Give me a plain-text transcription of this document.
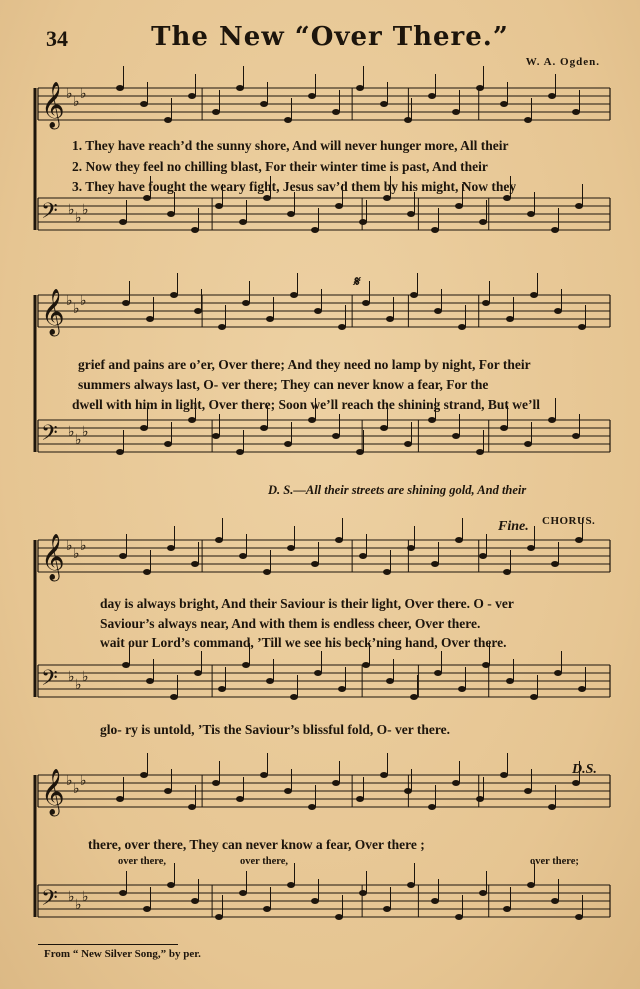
34	The New “Over There.”
W. A. Ogden.
𝄞 ♭
♭
♭
𝄢 ♭
♭
♭
𝄞 ♭
♭
♭
𝄢 ♭
♭
♭
𝄞 ♭
♭
♭
𝄢 ♭
♭
♭
𝄞 ♭
♭
♭
𝄢 ♭
♭
♭
1. They have reach’d the sunny shore, And will never hunger more, All their
2. Now they feel no chilling blast, For their winter time is past, And their
3. They have fought the weary fight, Jesus sav’d them by his might, Now they
𝄋
grief and pains are o’er, Over there; And they need no lamp by night, For their
summers always last, O- ver there; They can never know a fear, For the
dwell with him in light, Over there; Soon we’ll reach the shining strand, But we’ll
D. S.—All their streets are shining gold, And their
Fine. CHORUS.
day is always bright, And their Saviour is their light, Over there. O - ver
Saviour’s always near, And with them is endless cheer, Over there.
wait our Lord’s command, ’Till we see his beck’ning hand, Over there.
glo- ry is untold, ’Tis the Saviour’s blissful fold, O- ver there.
D.S.
there, over there, They can never know a fear, Over there ;
over there,	over there,	over there;
From “ New Silver Song,” by per.
